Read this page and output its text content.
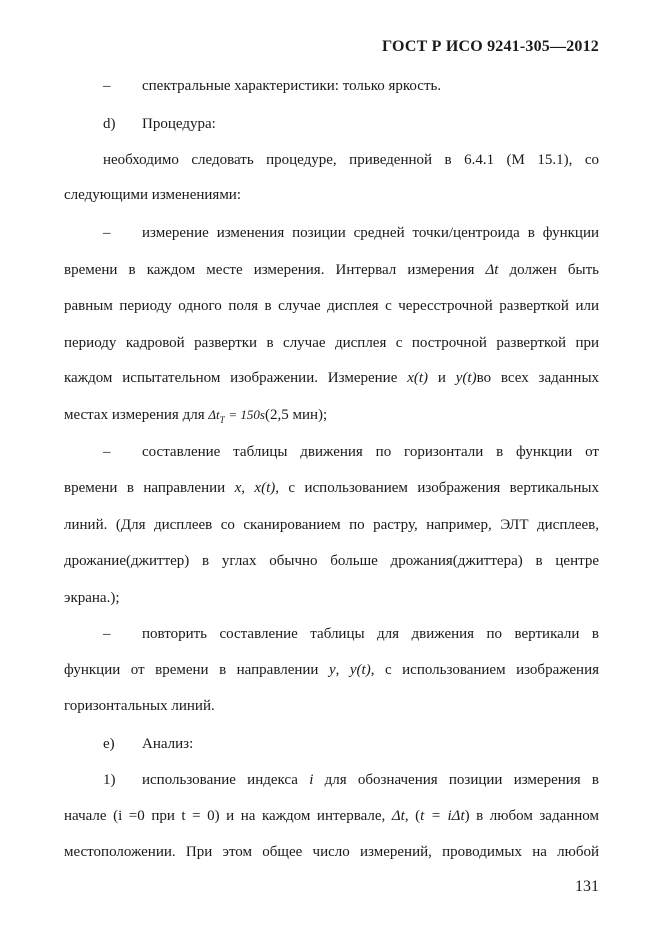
ГОСТ Р ИСО 9241-305—2012
– спектральные характеристики: только яркость.
d) Процедура:
необходимо следовать процедуре, приведенной в 6.4.1 (М 15.1), со
следующими изменениями:
– измерение изменения позиции средней точки/центроида в функции
времени в каждом месте измерения. Интервал измерения Δt должен быть
равным периоду одного поля в случае дисплея с чересстрочной разверткой или
периоду кадровой развертки в случае дисплея с построчной разверткой при
каждом испытательном изображении. Измерение x(t) и y(t)во всех заданных
местах измерения для $\Delta t_T = 150s(2,5$ мин);
– составление таблицы движения по горизонтали в функции от
времени в направлении x, x(t), с использованием изображения вертикальных
линий. (Для дисплеев со сканированием по растру, например, ЭЛТ дисплеев,
дрожание(джиттер) в углах обычно больше дрожания(джиттера) в центре
экрана.);
– повторить составление таблицы для движения по вертикали в
функции от времени в направлении y, y(t), с использованием изображения
горизонтальных линий.
e) Анализ:
1) использование индекса i для обозначения позиции измерения в
начале (i =0 при t = 0) и на каждом интервале, Δt, (t = iΔt) в любом заданном
местоположении. При этом общее число измерений, проводимых на любой
131
